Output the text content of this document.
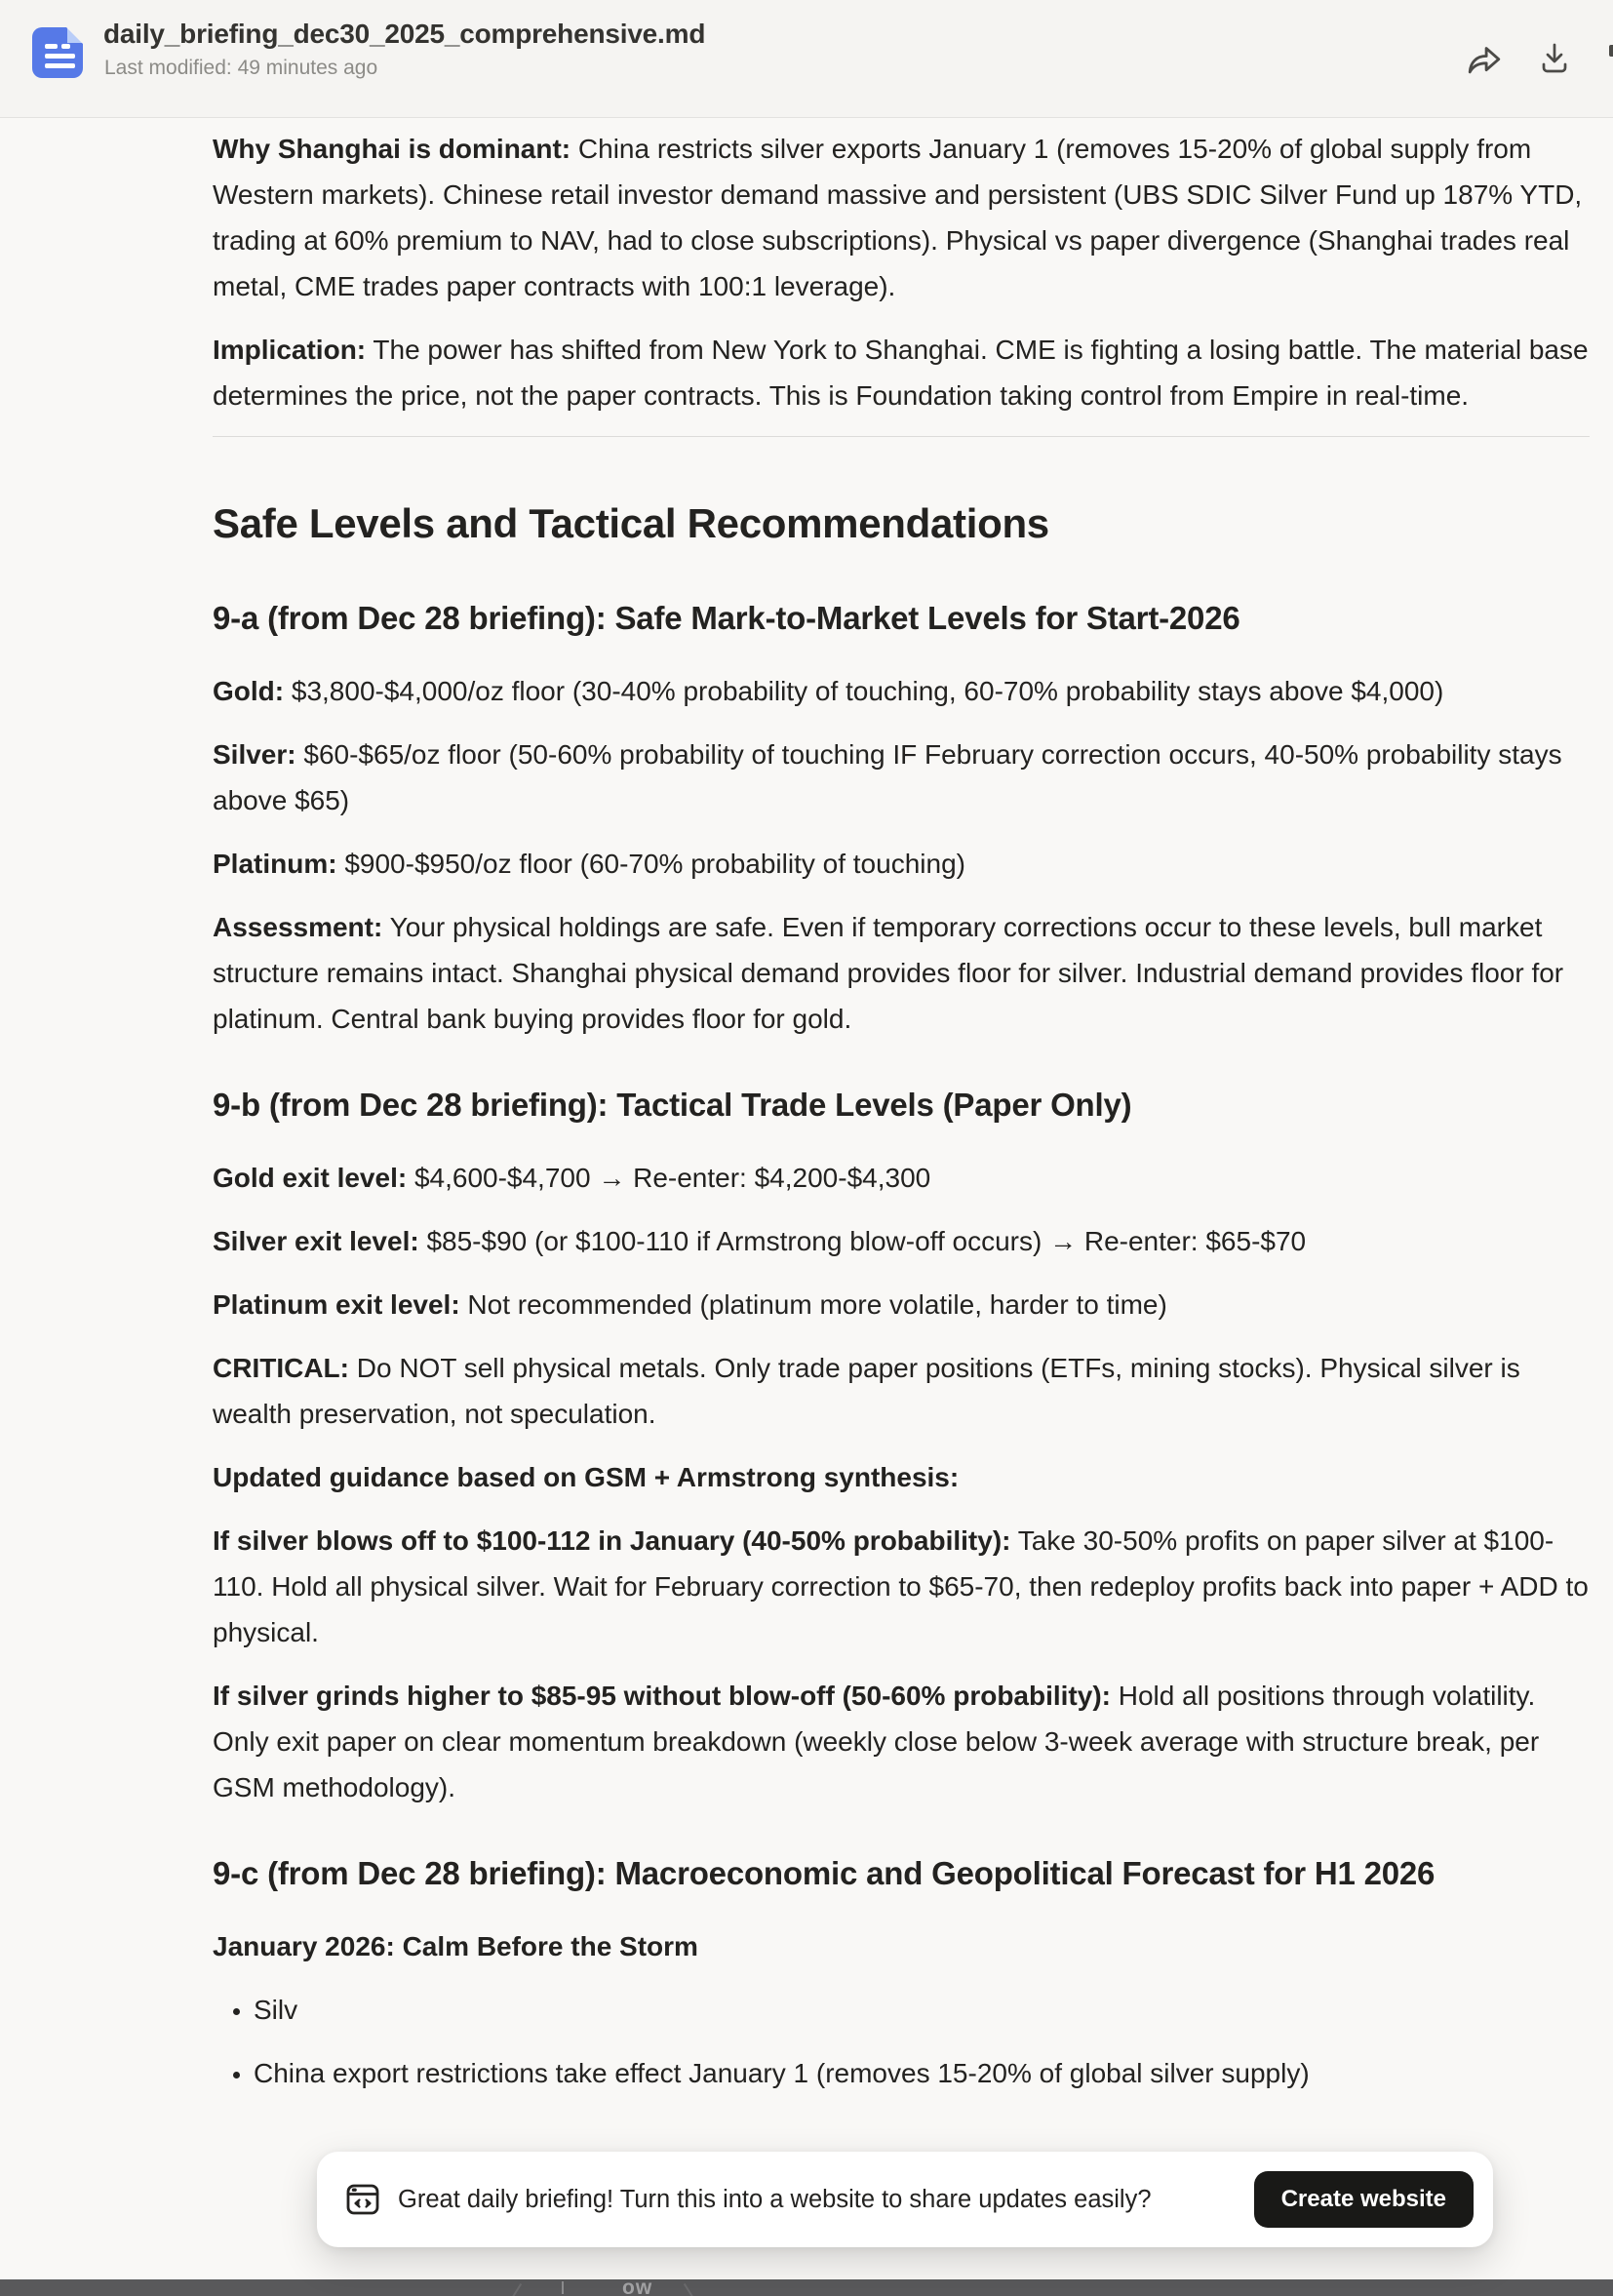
daily_briefing_dec30_2025_comprehensive.md
Last modified: 49 minutes ago

Why Shanghai is dominant: China restricts silver exports January 1 (removes 15-20% of global supply from Western markets). Chinese retail investor demand massive and persistent (UBS SDIC Silver Fund up 187% YTD, trading at 60% premium to NAV, had to close subscriptions). Physical vs paper divergence (Shanghai trades real metal, CME trades paper contracts with 100:1 leverage).

Implication: The power has shifted from New York to Shanghai. CME is fighting a losing battle. The material base determines the price, not the paper contracts. This is Foundation taking control from Empire in real-time.

Safe Levels and Tactical Recommendations
9-a (from Dec 28 briefing): Safe Mark-to-Market Levels for Start-2026

Gold: $3,800-$4,000/oz floor (30-40% probability of touching, 60-70% probability stays above $4,000)

Silver: $60-$65/oz floor (50-60% probability of touching IF February correction occurs, 40-50% probability stays above $65)

Platinum: $900-$950/oz floor (60-70% probability of touching)

Assessment: Your physical holdings are safe. Even if temporary corrections occur to these levels, bull market structure remains intact. Shanghai physical demand provides floor for silver. Industrial demand provides floor for platinum. Central bank buying provides floor for gold.

9-b (from Dec 28 briefing): Tactical Trade Levels (Paper Only)

Gold exit level: $4,600-$4,700 → Re-enter: $4,200-$4,300

Silver exit level: $85-$90 (or $100-110 if Armstrong blow-off occurs) → Re-enter: $65-$70

Platinum exit level: Not recommended (platinum more volatile, harder to time)

CRITICAL: Do NOT sell physical metals. Only trade paper positions (ETFs, mining stocks). Physical silver is wealth preservation, not speculation.

Updated guidance based on GSM + Armstrong synthesis:

If silver blows off to $100-112 in January (40-50% probability): Take 30-50% profits on paper silver at $100-110. Hold all physical silver. Wait for February correction to $65-70, then redeploy profits back into paper + ADD to physical.

If silver grinds higher to $85-95 without blow-off (50-60% probability): Hold all positions through volatility. Only exit paper on clear momentum breakdown (weekly close below 3-week average with structure break, per GSM methodology).

9-c (from Dec 28 briefing): Macroeconomic and Geopolitical Forecast for H1 2026

January 2026: Calm Before the Storm

• Silv
• China export restrictions take effect January 1 (removes 15-20% of global silver supply)
Great daily briefing! Turn this into a website to share updates easily?	Create website
ow
